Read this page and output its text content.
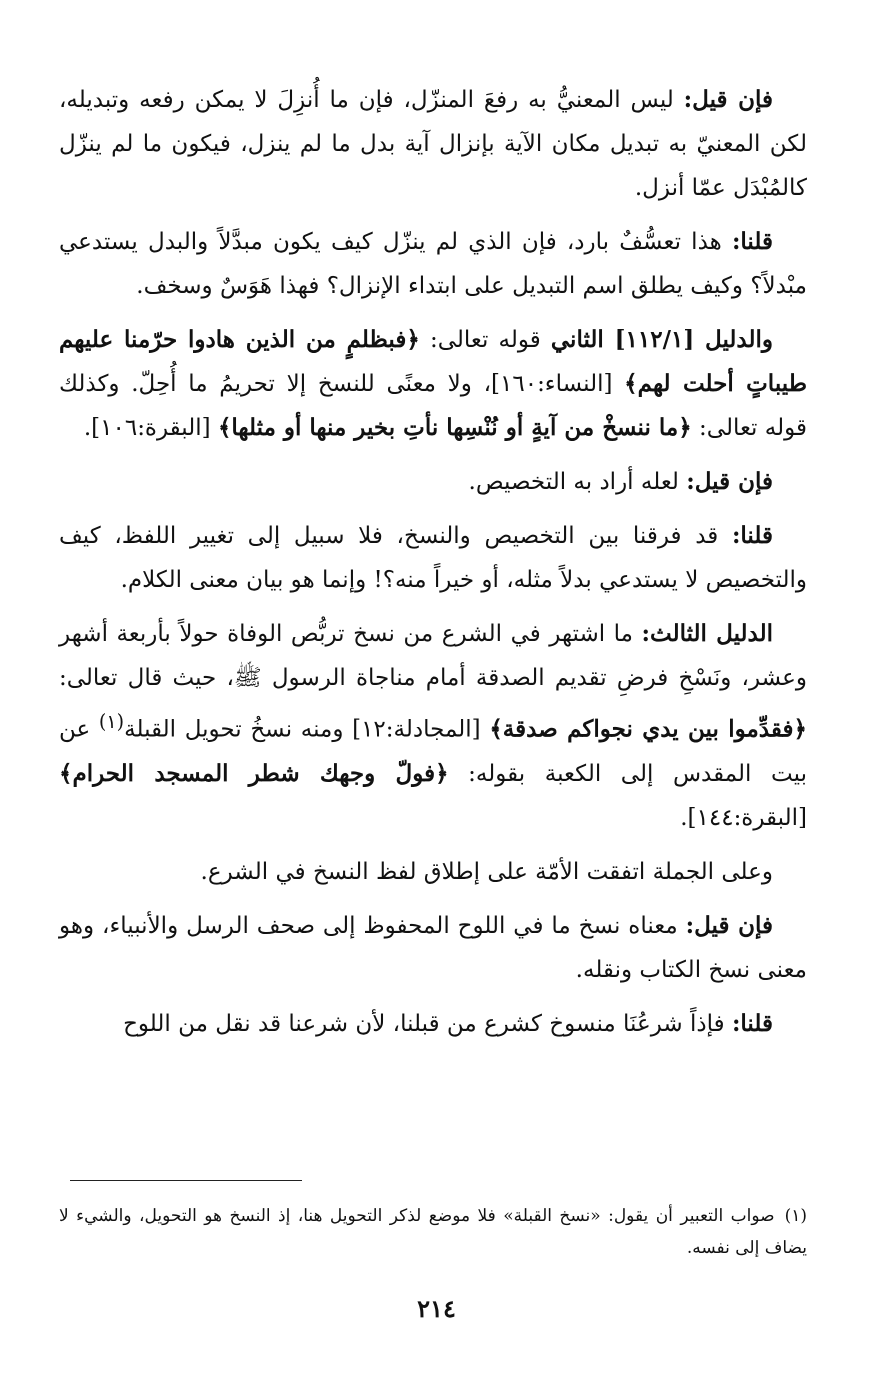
فإن قيل: ليس المعنيُّ به رفعَ المنزّل، فإن ما أُنزِلَ لا يمكن رفعه وتبديله، لكن المعنيّ به تبديل مكان الآية بإنزال آية بدل ما لم ينزل، فيكون ما لم ينزّل كالمُبْدَل عمّا أنزل.

قلنا: هذا تعسُّفٌ بارد، فإن الذي لم ينزّل كيف يكون مبدَّلاً والبدل يستدعي مبْدلاً؟ وكيف يطلق اسم التبديل على ابتداء الإنزال؟ فهذا هَوَسٌ وسخف.

والدليل [١١٢/١] الثاني قوله تعالى: ﴿فبظلمٍ من الذين هادوا حرّمنا عليهم طيباتٍ أحلت لهم﴾ [النساء:١٦٠]، ولا معنًى للنسخ إلا تحريمُ ما أُحِلّ. وكذلك قوله تعالى: ﴿ما ننسخْ من آيةٍ أو نُنْسِها نأتِ بخير منها أو مثلها﴾ [البقرة:١٠٦].

فإن قيل: لعله أراد به التخصيص.

قلنا: قد فرقنا بين التخصيص والنسخ، فلا سبيل إلى تغيير اللفظ، كيف والتخصيص لا يستدعي بدلاً مثله، أو خيراً منه؟! وإنما هو بيان معنى الكلام.

الدليل الثالث: ما اشتهر في الشرع من نسخ تربُّص الوفاة حولاً بأربعة أشهر وعشر، ونَسْخِ فرضِ تقديم الصدقة أمام مناجاة الرسول ﷺ، حيث قال تعالى: ﴿فقدِّموا بين يدي نجواكم صدقة﴾ [المجادلة:١٢] ومنه نسخُ تحويل القبلة$^{(١)}$ عن بيت المقدس إلى الكعبة بقوله: ﴿فولّ وجهك شطر المسجد الحرام﴾ [البقرة:١٤٤].

وعلى الجملة اتفقت الأمّة على إطلاق لفظ النسخ في الشرع.

فإن قيل: معناه نسخ ما في اللوح المحفوظ إلى صحف الرسل والأنبياء، وهو معنى نسخ الكتاب ونقله.

قلنا: فإذاً شرعُنَا منسوخ كشرع من قبلنا، لأن شرعنا قد نقل من اللوح

(١)صواب التعبير أن يقول: «نسخ القبلة» فلا موضع لذكر التحويل هنا، إذ النسخ هو التحويل، والشيء لا يضاف إلى نفسه.
٢١٤
